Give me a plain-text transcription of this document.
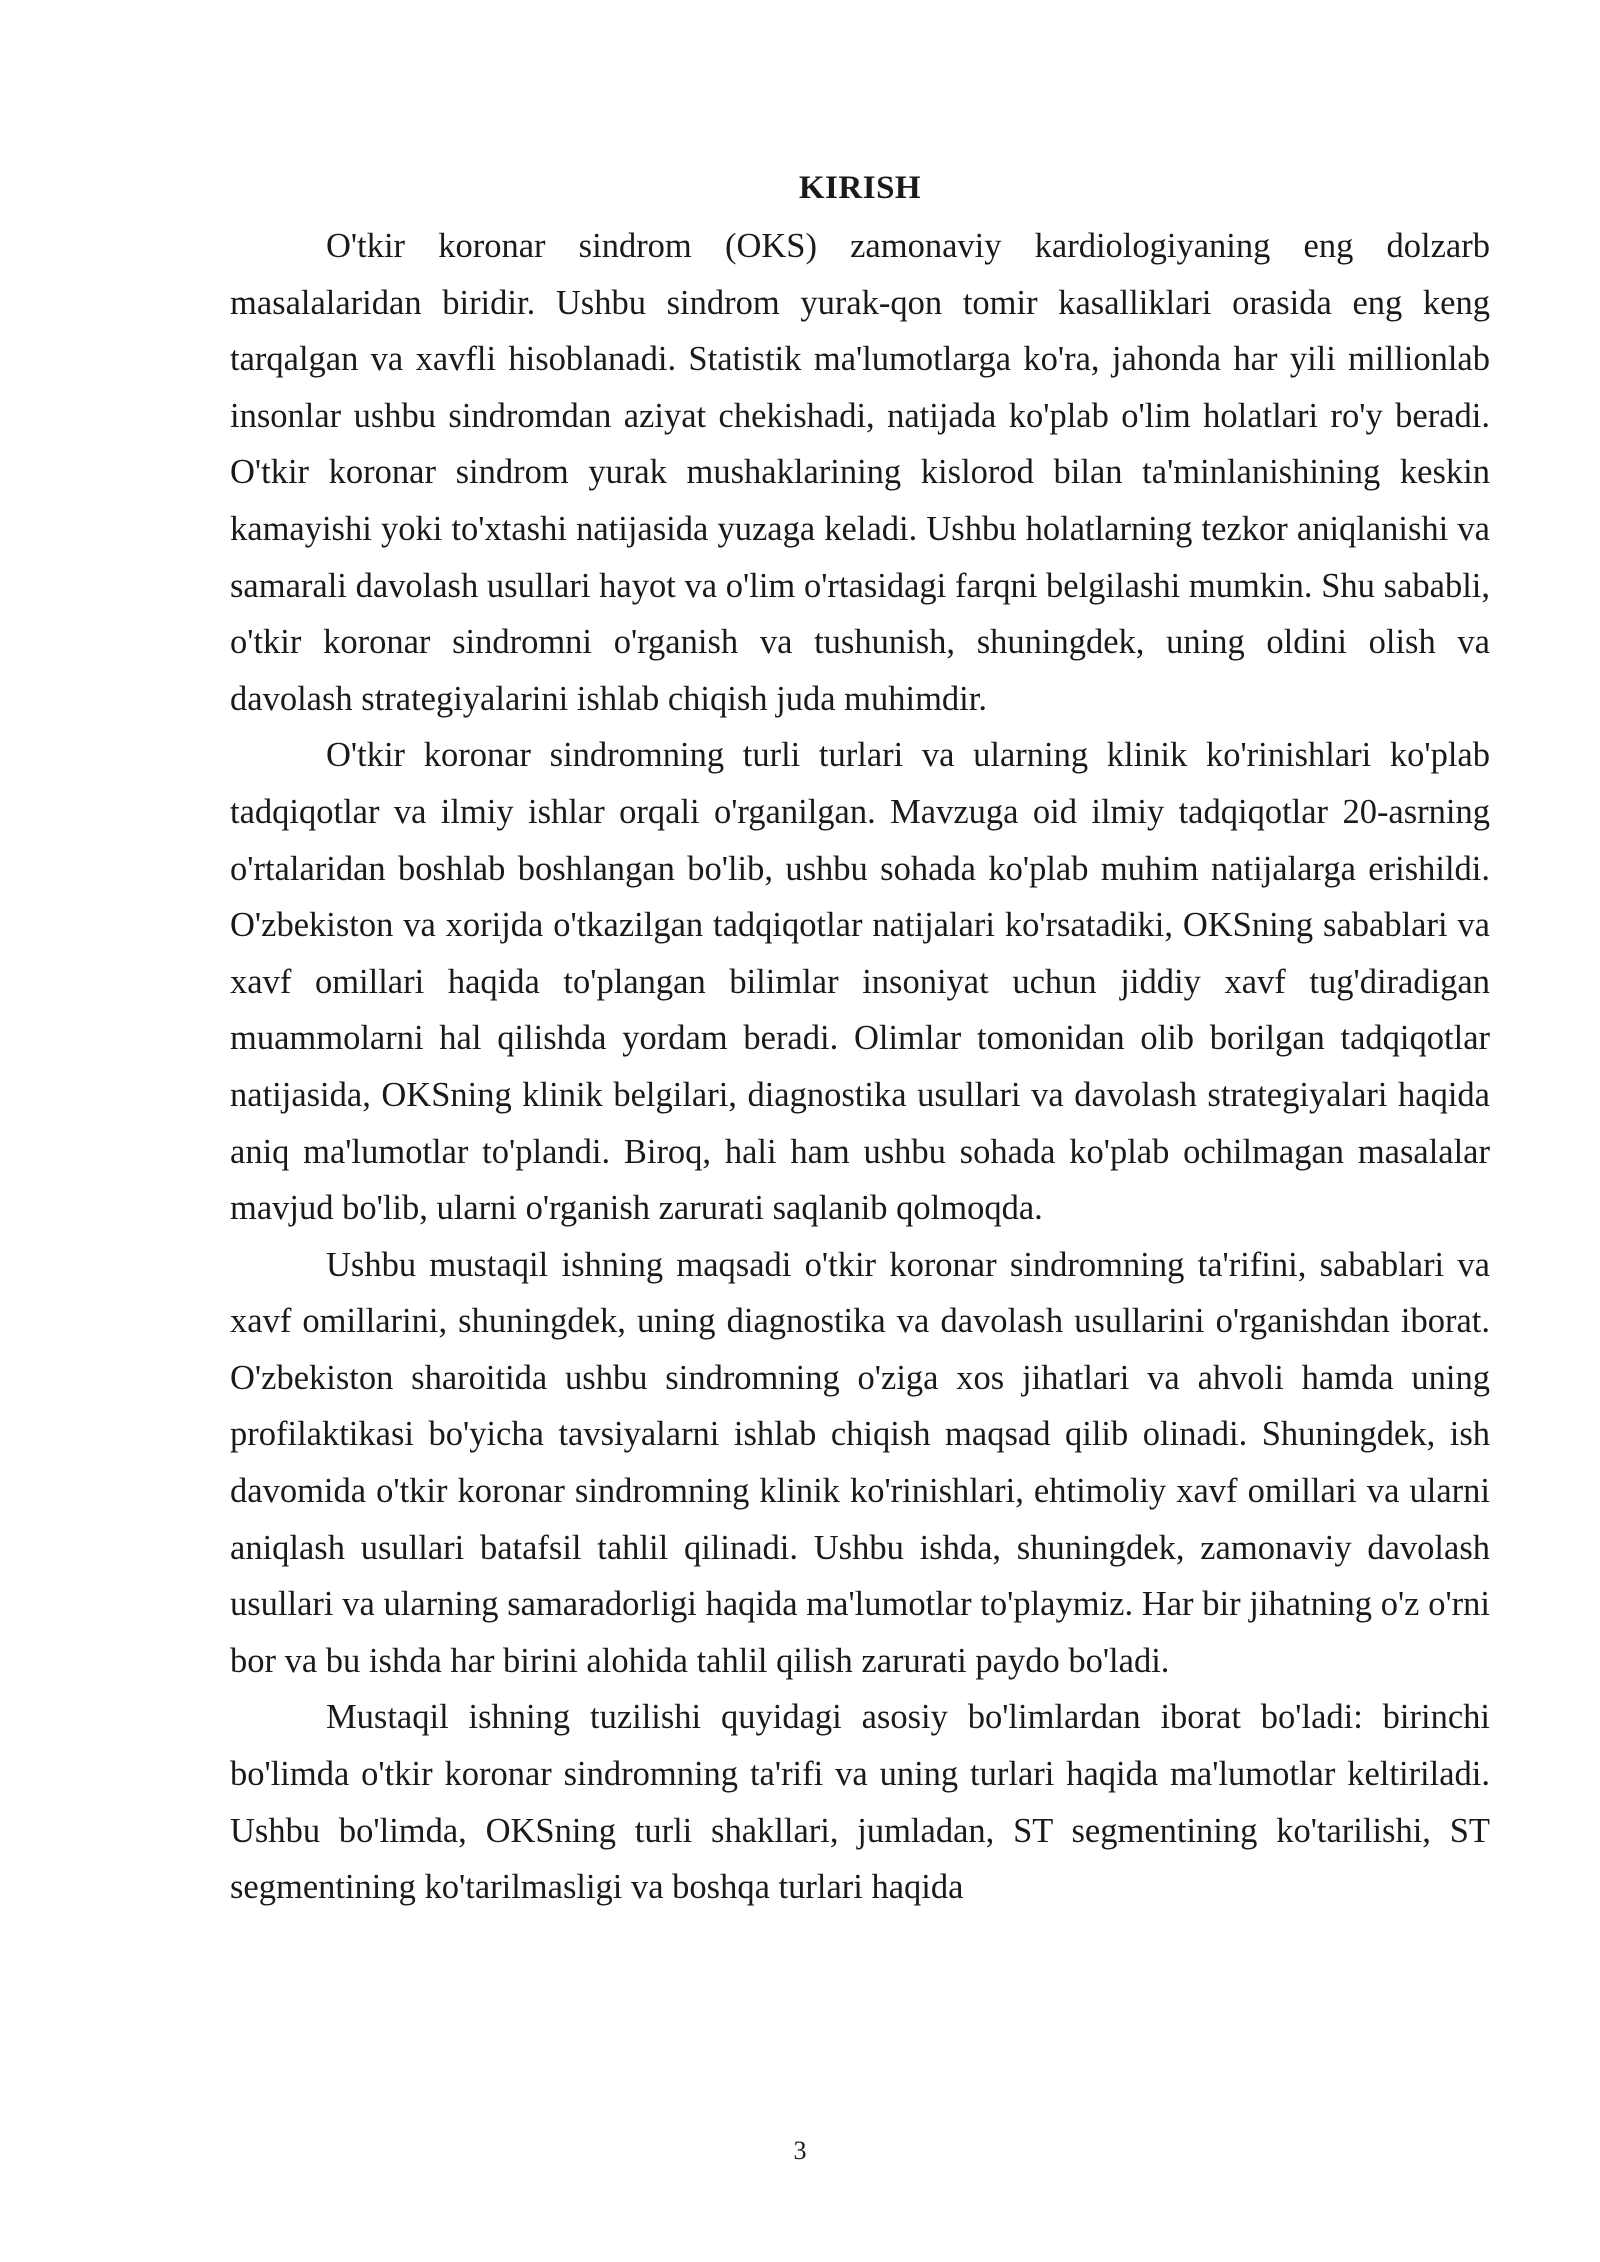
KIRISH

O'tkir koronar sindrom (OKS) zamonaviy kardiologiyaning eng dolzarb masalalaridan biridir. Ushbu sindrom yurak-qon tomir kasalliklari orasida eng keng tarqalgan va xavfli hisoblanadi. Statistik ma'lumotlarga ko'ra, jahonda har yili millionlab insonlar ushbu sindromdan aziyat chekishadi, natijada ko'plab o'lim holatlari ro'y beradi. O'tkir koronar sindrom yurak mushaklarining kislorod bilan ta'minlanishining keskin kamayishi yoki to'xtashi natijasida yuzaga keladi. Ushbu holatlarning tezkor aniqlanishi va samarali davolash usullari hayot va o'lim o'rtasidagi farqni belgilashi mumkin. Shu sababli, o'tkir koronar sindromni o'rganish va tushunish, shuningdek, uning oldini olish va davolash strategiyalarini ishlab chiqish juda muhimdir.

O'tkir koronar sindromning turli turlari va ularning klinik ko'rinishlari ko'plab tadqiqotlar va ilmiy ishlar orqali o'rganilgan. Mavzuga oid ilmiy tadqiqotlar 20-asrning o'rtalaridan boshlab boshlangan bo'lib, ushbu sohada ko'plab muhim natijalarga erishildi. O'zbekiston va xorijda o'tkazilgan tadqiqotlar natijalari ko'rsatadiki, OKSning sabablari va xavf omillari haqida to'plangan bilimlar insoniyat uchun jiddiy xavf tug'diradigan muammolarni hal qilishda yordam beradi. Olimlar tomonidan olib borilgan tadqiqotlar natijasida, OKSning klinik belgilari, diagnostika usullari va davolash strategiyalari haqida aniq ma'lumotlar to'plandi. Biroq, hali ham ushbu sohada ko'plab ochilmagan masalalar mavjud bo'lib, ularni o'rganish zarurati saqlanib qolmoqda.

Ushbu mustaqil ishning maqsadi o'tkir koronar sindromning ta'rifini, sabablari va xavf omillarini, shuningdek, uning diagnostika va davolash usullarini o'rganishdan iborat. O'zbekiston sharoitida ushbu sindromning o'ziga xos jihatlari va ahvoli hamda uning profilaktikasi bo'yicha tavsiyalarni ishlab chiqish maqsad qilib olinadi. Shuningdek, ish davomida o'tkir koronar sindromning klinik ko'rinishlari, ehtimoliy xavf omillari va ularni aniqlash usullari batafsil tahlil qilinadi. Ushbu ishda, shuningdek, zamonaviy davolash usullari va ularning samaradorligi haqida ma'lumotlar to'playmiz. Har bir jihatning o'z o'rni bor va bu ishda har birini alohida tahlil qilish zarurati paydo bo'ladi.

Mustaqil ishning tuzilishi quyidagi asosiy bo'limlardan iborat bo'ladi: birinchi bo'limda o'tkir koronar sindromning ta'rifi va uning turlari haqida ma'lumotlar keltiriladi. Ushbu bo'limda, OKSning turli shakllari, jumladan, ST segmentining ko'tarilishi, ST segmentining ko'tarilmasligi va boshqa turlari haqida

3
